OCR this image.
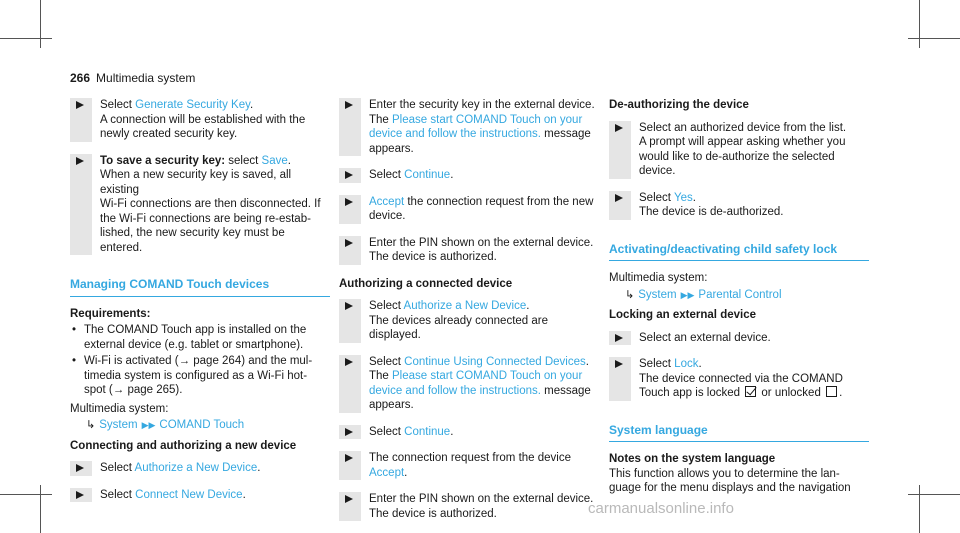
266 Multimedia system
Select Generate Security Key.
A connection will be established with the
newly created security key.
To save a security key: select Save.
When a new security key is saved, all existing
Wi-Fi connections are then disconnected. If
the Wi-Fi connections are being re-estab-
lished, the new security key must be entered.
Managing COMAND Touch devices
Requirements:
• The COMAND Touch app is installed on the
external device (e.g. tablet or smartphone).
• Wi-Fi is activated (→ page 264) and the mul-
timedia system is configured as a Wi-Fi hot-
spot (→ page 265).
Multimedia system:
↳ System ▶▶ COMAND Touch
Connecting and authorizing a new device
Select Authorize a New Device.
Select Connect New Device.
Enter the security key in the external device.
The Please start COMAND Touch on your
device and follow the instructions. message
appears.
Select Continue.
Accept the connection request from the new
device.
Enter the PIN shown on the external device.
The device is authorized.
Authorizing a connected device
Select Authorize a New Device.
The devices already connected are displayed.
Select Continue Using Connected Devices.
The Please start COMAND Touch on your
device and follow the instructions. message
appears.
Select Continue.
The connection request from the device
Accept.
Enter the PIN shown on the external device.
The device is authorized.
De-authorizing the device
Select an authorized device from the list.
A prompt will appear asking whether you
would like to de-authorize the selected
device.
Select Yes.
The device is de-authorized.
Activating/deactivating child safety lock
Multimedia system:
↳ System ▶▶ Parental Control
Locking an external device
Select an external device.
Select Lock.
The device connected via the COMAND
Touch app is locked  or unlocked .
System language
Notes on the system language
This function allows you to determine the lan-
guage for the menu displays and the navigation
carmanualsonline.info
